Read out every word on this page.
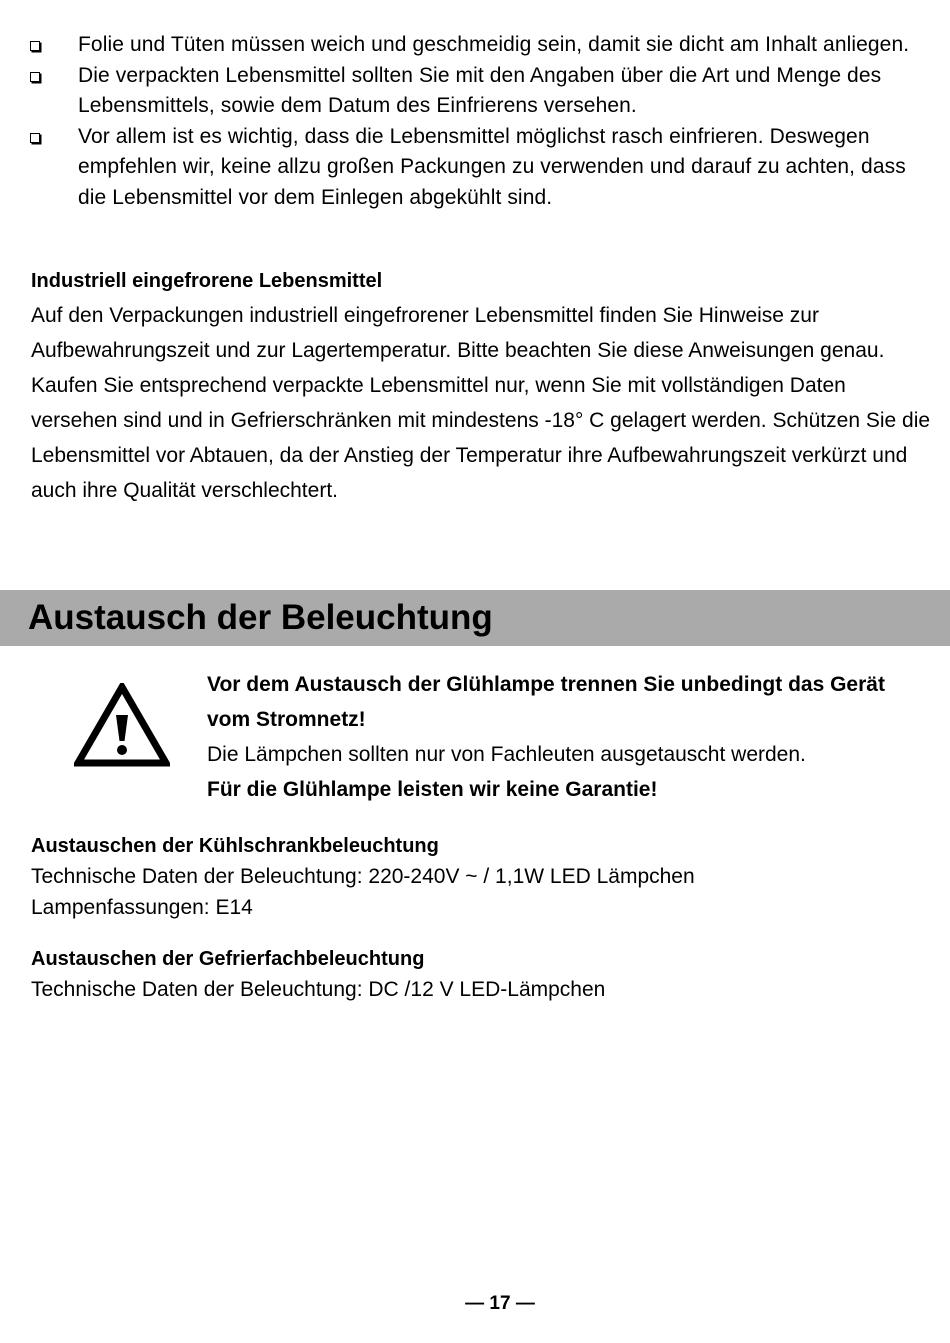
Folie und Tüten müssen weich und geschmeidig sein, damit sie dicht am Inhalt anliegen.
Die verpackten Lebensmittel sollten Sie mit den Angaben über die Art und Menge des Lebensmittels, sowie dem Datum des Einfrierens versehen.
Vor allem ist es wichtig, dass die Lebensmittel möglichst rasch einfrieren. Deswegen empfehlen wir, keine allzu großen Packungen zu verwenden und darauf zu achten, dass die Lebensmittel vor dem Einlegen abgekühlt sind.

Industriell eingefrorene Lebensmittel

Auf den Verpackungen industriell eingefrorener Lebensmittel finden Sie Hinweise zur Aufbewahrungszeit und zur Lagertemperatur. Bitte beachten Sie diese Anweisungen genau. Kaufen Sie entsprechend verpackte Lebensmittel nur, wenn Sie mit vollständigen Daten versehen sind und in Gefrierschränken mit mindestens -18° C gelagert werden. Schützen Sie die Lebensmittel vor Abtauen, da der Anstieg der Temperatur ihre Aufbewahrungszeit verkürzt und auch ihre Qualität verschlechtert.

Austausch der Beleuchtung

Vor dem Austausch der Glühlampe trennen Sie unbedingt das Gerät vom Stromnetz!

Die Lämpchen sollten nur von Fachleuten ausgetauscht werden.

Für die Glühlampe leisten wir keine Garantie!

Austauschen der Kühlschrankbeleuchtung

Technische Daten der Beleuchtung: 220-240V ~ / 1,1W LED Lämpchen

Lampenfassungen: E14

Austauschen der Gefrierfachbeleuchtung

Technische Daten der Beleuchtung: DC /12 V LED-Lämpchen

— 17 —
